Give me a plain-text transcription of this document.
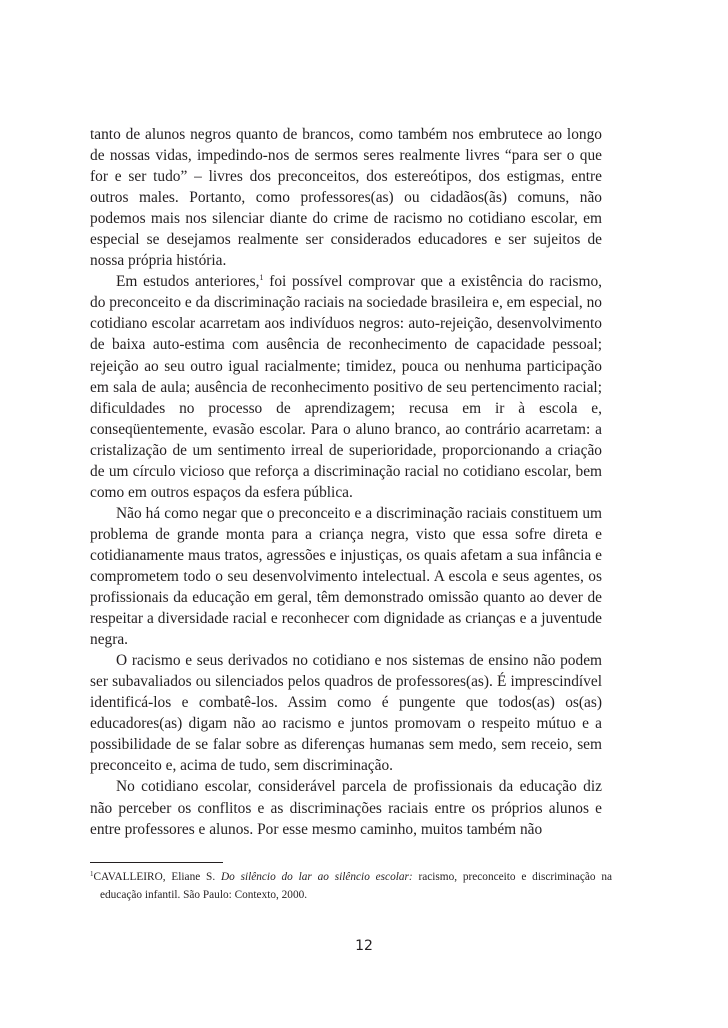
tanto de alunos negros quanto de brancos, como também nos embrutece ao longo de nossas vidas, impedindo-nos de sermos seres realmente livres “para ser o que for e ser tudo” – livres dos preconceitos, dos estereótipos, dos estigmas, entre outros males. Portanto, como professores(as) ou cidadãos(ãs) comuns, não podemos mais nos silenciar diante do crime de racismo no cotidiano escolar, em especial se desejamos realmente ser considerados educadores e ser sujeitos de nossa própria história.

Em estudos anteriores,$^1$ foi possível comprovar que a existência do racismo, do preconceito e da discriminação raciais na sociedade brasileira e, em especial, no cotidiano escolar acarretam aos indivíduos negros: auto-rejeição, desenvolvimento de baixa auto-estima com ausência de reconhecimento de capacidade pessoal; rejeição ao seu outro igual racialmente; timidez, pouca ou nenhuma participação em sala de aula; ausência de reconhecimento positivo de seu pertencimento racial; dificuldades no processo de aprendizagem; recusa em ir à escola e, conseqüentemente, evasão escolar. Para o aluno branco, ao contrário acarretam: a cristalização de um sentimento irreal de superioridade, proporcionando a criação de um círculo vicioso que reforça a discriminação racial no cotidiano escolar, bem como em outros espaços da esfera pública.

Não há como negar que o preconceito e a discriminação raciais constituem um problema de grande monta para a criança negra, visto que essa sofre direta e cotidianamente maus tratos, agressões e injustiças, os quais afetam a sua infância e comprometem todo o seu desenvolvimento intelectual. A escola e seus agentes, os profissionais da educação em geral, têm demonstrado omissão quanto ao dever de respeitar a diversidade racial e reconhecer com dignidade as crianças e a juventude negra.

O racismo e seus derivados no cotidiano e nos sistemas de ensino não podem ser subavaliados ou silenciados pelos quadros de professores(as). É imprescindível identificá-los e combatê-los. Assim como é pungente que todos(as) os(as) educadores(as) digam não ao racismo e juntos promovam o respeito mútuo e a possibilidade de se falar sobre as diferenças humanas sem medo, sem receio, sem preconceito e, acima de tudo, sem discriminação.

No cotidiano escolar, considerável parcela de profissionais da educação diz não perceber os conflitos e as discriminações raciais entre os próprios alunos e entre professores e alunos. Por esse mesmo caminho, muitos também não

$^1$CAVALLEIRO, Eliane S. Do silêncio do lar ao silêncio escolar: racismo, preconceito e discriminação na educação infantil. São Paulo: Contexto, 2000.
12
